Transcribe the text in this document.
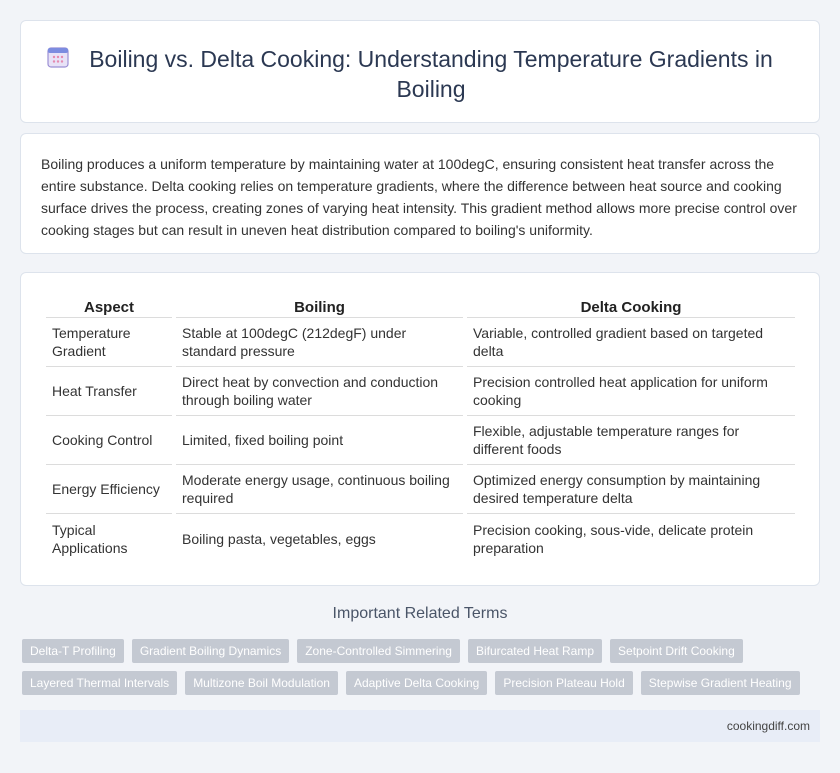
Boiling vs. Delta Cooking: Understanding Temperature Gradients in Boiling

Boiling produces a uniform temperature by maintaining water at 100degC, ensuring consistent heat transfer across the entire substance. Delta cooking relies on temperature gradients, where the difference between heat source and cooking surface drives the process, creating zones of varying heat intensity. This gradient method allows more precise control over cooking stages but can result in uneven heat distribution compared to boiling's uniformity.

Aspect	Boiling	Delta Cooking
Temperature Gradient	Stable at 100degC (212degF) under standard pressure	Variable, controlled gradient based on targeted delta
Heat Transfer	Direct heat by convection and conduction through boiling water	Precision controlled heat application for uniform cooking
Cooking Control	Limited, fixed boiling point	Flexible, adjustable temperature ranges for different foods
Energy Efficiency	Moderate energy usage, continuous boiling required	Optimized energy consumption by maintaining desired temperature delta
Typical Applications	Boiling pasta, vegetables, eggs	Precision cooking, sous-vide, delicate protein preparation
Important Related Terms
Delta-T Profiling	Gradient Boiling Dynamics	Zone-Controlled Simmering	Bifurcated Heat Ramp	Setpoint Drift Cooking
Layered Thermal Intervals	Multizone Boil Modulation	Adaptive Delta Cooking	Precision Plateau Hold	Stepwise Gradient Heating
cookingdiff.com
